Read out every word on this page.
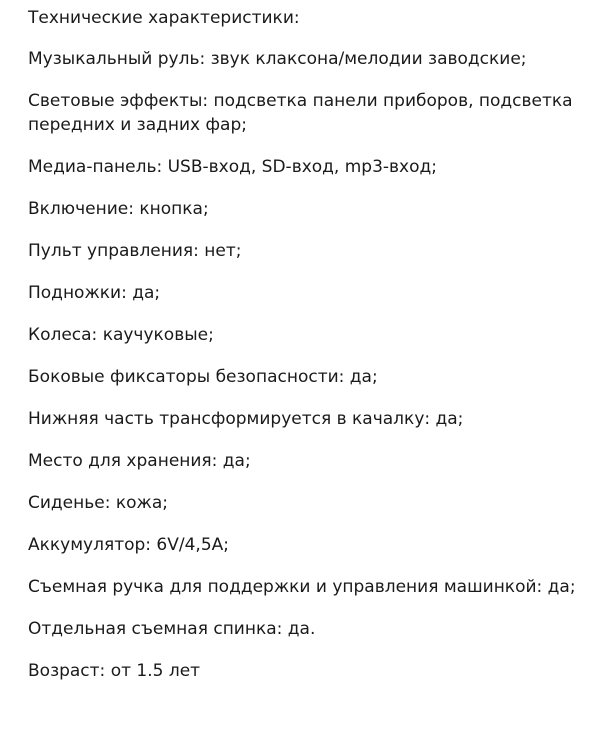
Технические характеристики:
Музыкальный руль: звук клаксона/мелодии заводские;
Световые эффекты: подсветка панели приборов, подсветка передних и задних фар;
Медиа-панель: USB-вход, SD-вход, mp3-вход;
Включение: кнопка;
Пульт управления: нет;
Подножки: да;
Колеса: каучуковые;
Боковые фиксаторы безопасности: да;
Нижняя часть трансформируется в качалку: да;
Место для хранения: да;
Сиденье: кожа;
Аккумулятор: 6V/4,5A;
Съемная ручка для поддержки и управления машинкой: да;
Отдельная съемная спинка: да.
Возраст: от 1.5 лет
